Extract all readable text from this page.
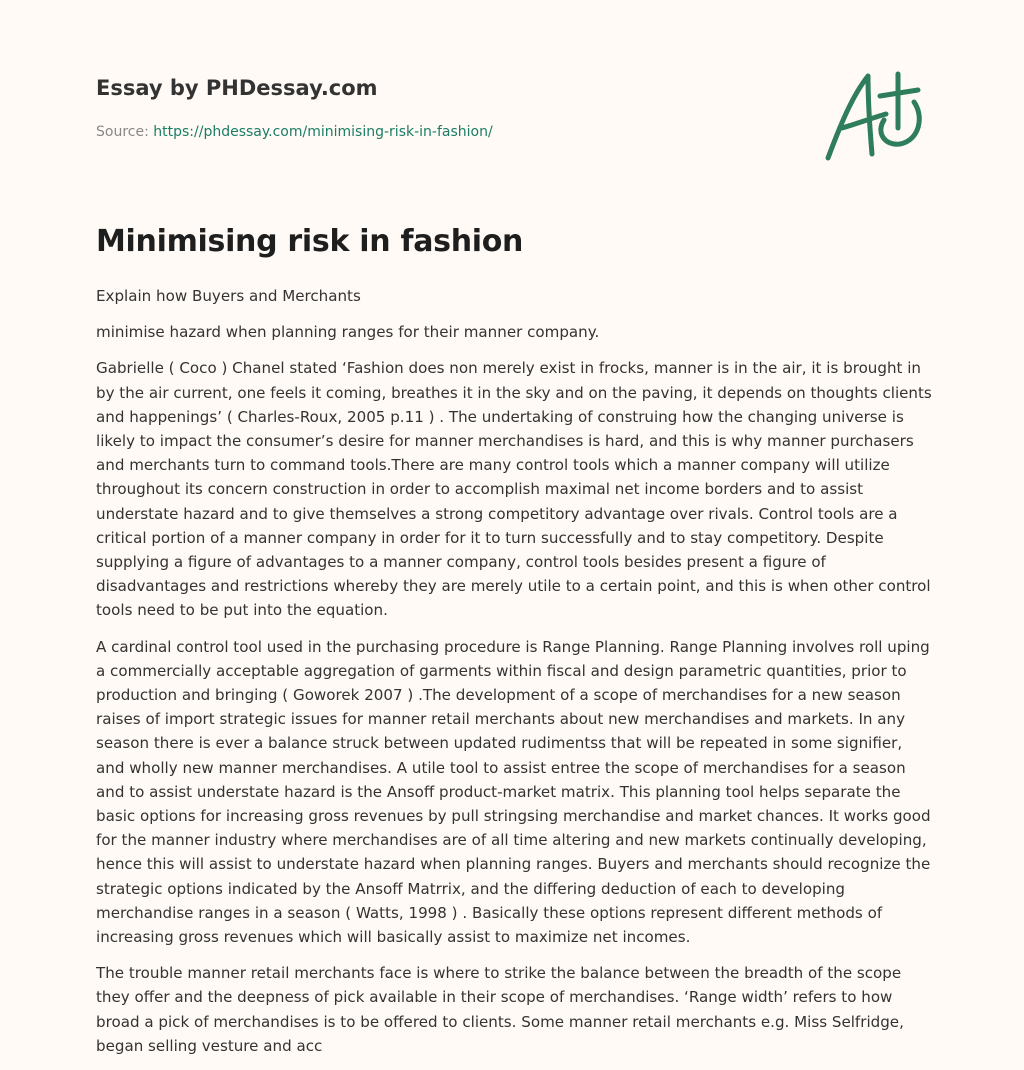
Essay by PHDessay.com
Source: https://phdessay.com/minimising-risk-in-fashion/
Minimising risk in fashion

Explain how Buyers and Merchants

minimise hazard when planning ranges for their manner company.

Gabrielle ( Coco ) Chanel stated ‘Fashion does non merely exist in frocks, manner is in the air, it is brought in by the air current, one feels it coming, breathes it in the sky and on the paving, it depends on thoughts clients and happenings’ ( Charles-Roux, 2005 p.11 ) . The undertaking of construing how the changing universe is likely to impact the consumer’s desire for manner merchandises is hard, and this is why manner purchasers and merchants turn to command tools.There are many control tools which a manner company will utilize throughout its concern construction in order to accomplish maximal net income borders and to assist understate hazard and to give themselves a strong competitory advantage over rivals. Control tools are a critical portion of a manner company in order for it to turn successfully and to stay competitory. Despite supplying a figure of advantages to a manner company, control tools besides present a figure of disadvantages and restrictions whereby they are merely utile to a certain point, and this is when other control tools need to be put into the equation.

A cardinal control tool used in the purchasing procedure is Range Planning. Range Planning involves roll uping a commercially acceptable aggregation of garments within fiscal and design parametric quantities, prior to production and bringing ( Goworek 2007 ) .The development of a scope of merchandises for a new season raises of import strategic issues for manner retail merchants about new merchandises and markets. In any season there is ever a balance struck between updated rudimentss that will be repeated in some signifier, and wholly new manner merchandises. A utile tool to assist entree the scope of merchandises for a season and to assist understate hazard is the Ansoff product-market matrix. This planning tool helps separate the basic options for increasing gross revenues by pull stringsing merchandise and market chances. It works good for the manner industry where merchandises are of all time altering and new markets continually developing, hence this will assist to understate hazard when planning ranges. Buyers and merchants should recognize the strategic options indicated by the Ansoff Matrrix, and the differing deduction of each to developing merchandise ranges in a season ( Watts, 1998 ) . Basically these options represent different methods of increasing gross revenues which will basically assist to maximize net incomes.

The trouble manner retail merchants face is where to strike the balance between the breadth of the scope they offer and the deepness of pick available in their scope of merchandises. ‘Range width’ refers to how broad a pick of merchandises is to be offered to clients. Some manner retail merchants e.g. Miss Selfridge, began selling vesture and acc
